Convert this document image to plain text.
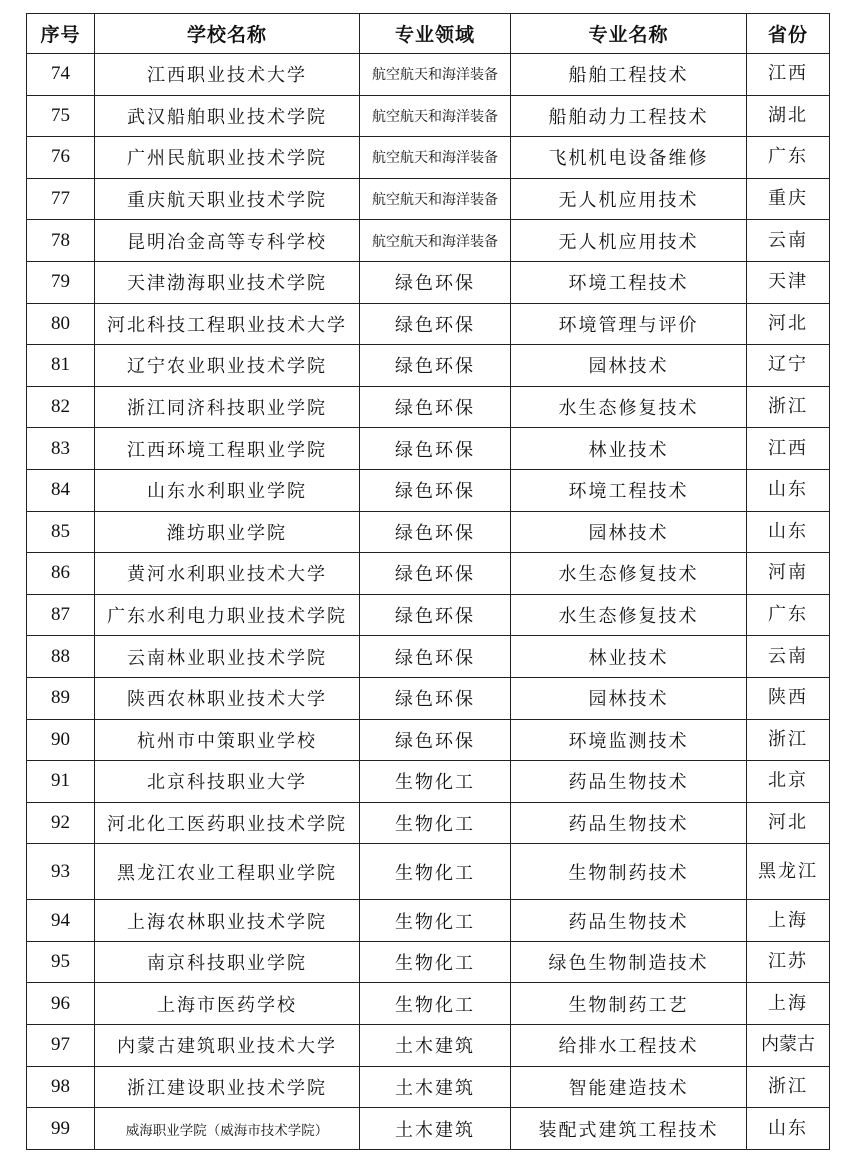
序号	学校名称	专业领域	专业名称	省份
74	江西职业技术大学	航空航天和海洋装备	船舶工程技术	江西
75	武汉船舶职业技术学院	航空航天和海洋装备	船舶动力工程技术	湖北
76	广州民航职业技术学院	航空航天和海洋装备	飞机机电设备维修	广东
77	重庆航天职业技术学院	航空航天和海洋装备	无人机应用技术	重庆
78	昆明冶金高等专科学校	航空航天和海洋装备	无人机应用技术	云南
79	天津渤海职业技术学院	绿色环保	环境工程技术	天津
80	河北科技工程职业技术大学	绿色环保	环境管理与评价	河北
81	辽宁农业职业技术学院	绿色环保	园林技术	辽宁
82	浙江同济科技职业学院	绿色环保	水生态修复技术	浙江
83	江西环境工程职业学院	绿色环保	林业技术	江西
84	山东水利职业学院	绿色环保	环境工程技术	山东
85	潍坊职业学院	绿色环保	园林技术	山东
86	黄河水利职业技术大学	绿色环保	水生态修复技术	河南
87	广东水利电力职业技术学院	绿色环保	水生态修复技术	广东
88	云南林业职业技术学院	绿色环保	林业技术	云南
89	陕西农林职业技术大学	绿色环保	园林技术	陕西
90	杭州市中策职业学校	绿色环保	环境监测技术	浙江
91	北京科技职业大学	生物化工	药品生物技术	北京
92	河北化工医药职业技术学院	生物化工	药品生物技术	河北
93	黑龙江农业工程职业学院	生物化工	生物制药技术	黑龙江
94	上海农林职业技术学院	生物化工	药品生物技术	上海
95	南京科技职业学院	生物化工	绿色生物制造技术	江苏
96	上海市医药学校	生物化工	生物制药工艺	上海
97	内蒙古建筑职业技术大学	土木建筑	给排水工程技术	内蒙古
98	浙江建设职业技术学院	土木建筑	智能建造技术	浙江
99	威海职业学院（威海市技术学院）	土木建筑	装配式建筑工程技术	山东
